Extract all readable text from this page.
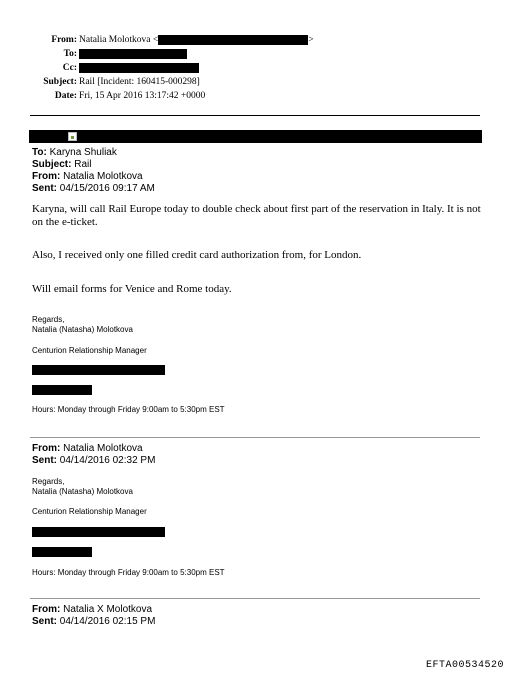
From: Natalia Molotkova <	>
To:
Cc:
Subject: Rail [Incident: 160415-000298]
Date: Fri, 15 Apr 2016 13:17:42 +0000
To: Karyna Shuliak
Subject: Rail
From: Natalia Molotkova
Sent: 04/15/2016 09:17 AM
Karyna, will call Rail Europe today to double check about first part of the reservation in Italy. It is not on the e-ticket.
Also, I received only one filled credit card authorization from, for London.
Will email forms for Venice and Rome today.
Regards,
Natalia (Natasha) Molotkova
Centurion Relationship Manager
Hours: Monday through Friday 9:00am to 5:30pm EST
From: Natalia Molotkova
Sent: 04/14/2016 02:32 PM
Regards,
Natalia (Natasha) Molotkova
Centurion Relationship Manager
Hours: Monday through Friday 9:00am to 5:30pm EST
From: Natalia X Molotkova
Sent: 04/14/2016 02:15 PM
EFTA00534520
